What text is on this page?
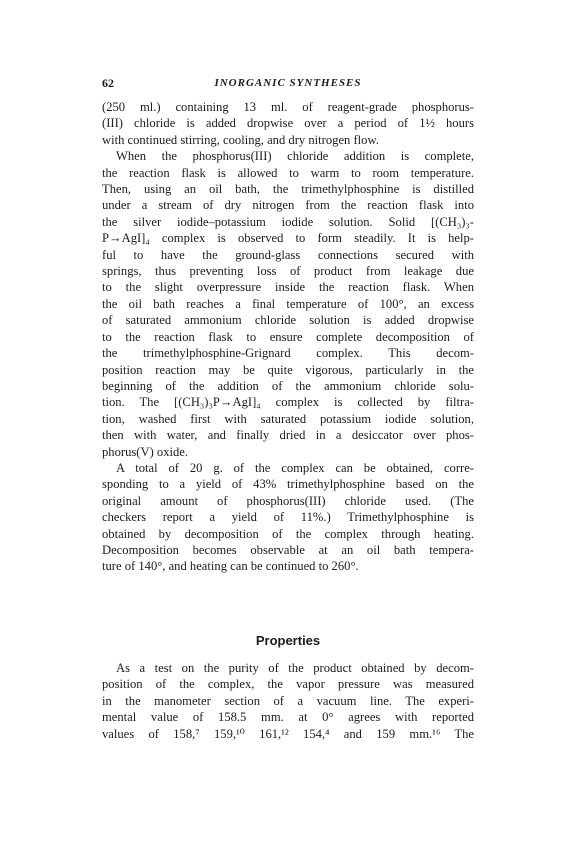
62	INORGANIC SYNTHESES
(250 ml.) containing 13 ml. of reagent-grade phosphorus-
(III) chloride is added dropwise over a period of 1½ hours
with continued stirring, cooling, and dry nitrogen flow.
When the phosphorus(III) chloride addition is complete,
the reaction flask is allowed to warm to room temperature.
Then, using an oil bath, the trimethylphosphine is distilled
under a stream of dry nitrogen from the reaction flask into
the silver iodide–potassium iodide solution. Solid [(CH₃)₃-
P→AgI]₄ complex is observed to form steadily. It is help-
ful to have the ground-glass connections secured with
springs, thus preventing loss of product from leakage due
to the slight overpressure inside the reaction flask. When
the oil bath reaches a final temperature of 100°, an excess
of saturated ammonium chloride solution is added dropwise
to the reaction flask to ensure complete decomposition of
the trimethylphosphine-Grignard complex. This decom-
position reaction may be quite vigorous, particularly in the
beginning of the addition of the ammonium chloride solu-
tion. The [(CH₃)₃P→AgI]₄ complex is collected by filtra-
tion, washed first with saturated potassium iodide solution,
then with water, and finally dried in a desiccator over phos-
phorus(V) oxide.
A total of 20 g. of the complex can be obtained, corre-
sponding to a yield of 43% trimethylphosphine based on the
original amount of phosphorus(III) chloride used. (The
checkers report a yield of 11%.) Trimethylphosphine is
obtained by decomposition of the complex through heating.
Decomposition becomes observable at an oil bath tempera-
ture of 140°, and heating can be continued to 260°.
Properties
As a test on the purity of the product obtained by decom-
position of the complex, the vapor pressure was measured
in the manometer section of a vacuum line. The experi-
mental value of 158.5 mm. at 0° agrees with reported
values of 158,⁷ 159,¹⁰ 161,¹² 154,⁴ and 159 mm.¹⁶ The
